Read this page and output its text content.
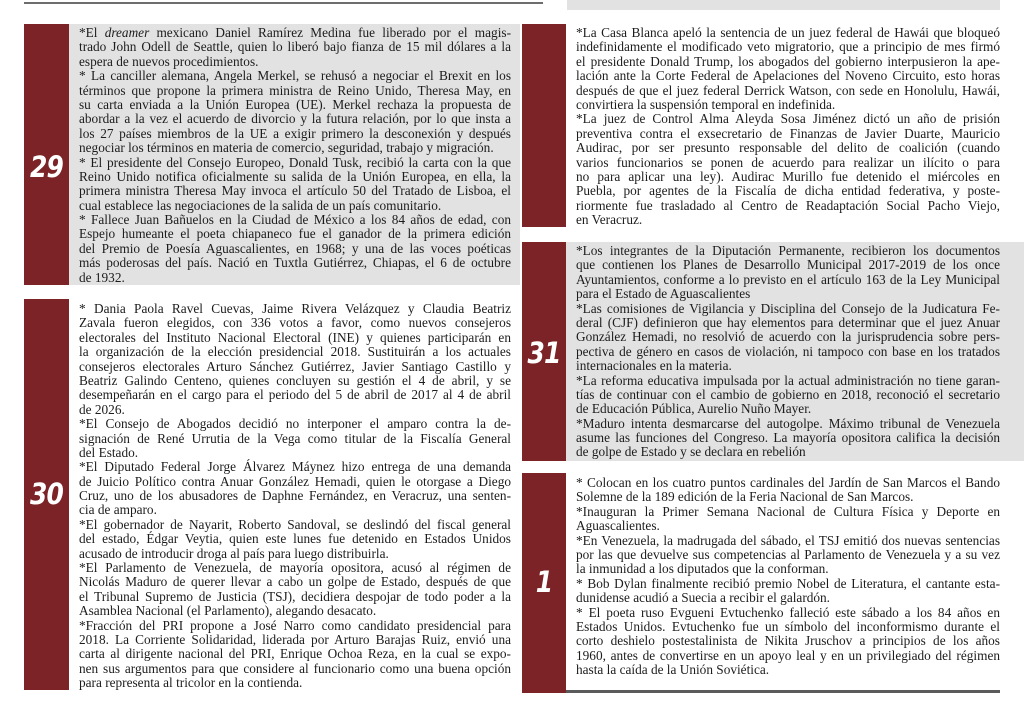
29
*El dreamer mexicano Daniel Ramírez Medina fue liberado por el magis-
trado John Odell de Seattle, quien lo liberó bajo fianza de 15 mil dólares a la
espera de nuevos procedimientos.
* La canciller alemana, Angela Merkel, se rehusó a negociar el Brexit en los
términos que propone la primera ministra de Reino Unido, Theresa May, en
su carta enviada a la Unión Europea (UE). Merkel rechaza la propuesta de
abordar a la vez el acuerdo de divorcio y la futura relación, por lo que insta a
los 27 países miembros de la UE a exigir primero la desconexión y después
negociar los términos en materia de comercio, seguridad, trabajo y migración.
* El presidente del Consejo Europeo, Donald Tusk, recibió la carta con la que
Reino Unido notifica oficialmente su salida de la Unión Europea, en ella, la
primera ministra Theresa May invoca el artículo 50 del Tratado de Lisboa, el
cual establece las negociaciones de la salida de un país comunitario.
* Fallece Juan Bañuelos en la Ciudad de México a los 84 años de edad, con
Espejo humeante el poeta chiapaneco fue el ganador de la primera edición
del Premio de Poesía Aguascalientes, en 1968; y una de las voces poéticas
más poderosas del país. Nació en Tuxtla Gutiérrez, Chiapas, el 6 de octubre
de 1932.
30
* Dania Paola Ravel Cuevas, Jaime Rivera Velázquez y Claudia Beatriz
Zavala fueron elegidos, con 336 votos a favor, como nuevos consejeros
electorales del Instituto Nacional Electoral (INE) y quienes participarán en
la organización de la elección presidencial 2018. Sustituirán a los actuales
consejeros electorales Arturo Sánchez Gutiérrez, Javier Santiago Castillo y
Beatriz Galindo Centeno, quienes concluyen su gestión el 4 de abril, y se
desempeñarán en el cargo para el periodo del 5 de abril de 2017 al 4 de abril
de 2026.
*El Consejo de Abogados decidió no interponer el amparo contra la de-
signación de René Urrutia de la Vega como titular de la Fiscalía General
del Estado.
*El Diputado Federal Jorge Álvarez Máynez hizo entrega de una demanda
de Juicio Político contra Anuar González Hemadi, quien le otorgase a Diego
Cruz, uno de los abusadores de Daphne Fernández, en Veracruz, una senten-
cia de amparo.
*El gobernador de Nayarit, Roberto Sandoval, se deslindó del fiscal general
del estado, Édgar Veytia, quien este lunes fue detenido en Estados Unidos
acusado de introducir droga al país para luego distribuirla.
*El Parlamento de Venezuela, de mayoría opositora, acusó al régimen de
Nicolás Maduro de querer llevar a cabo un golpe de Estado, después de que
el Tribunal Supremo de Justicia (TSJ), decidiera despojar de todo poder a la
Asamblea Nacional (el Parlamento), alegando desacato.
*Fracción del PRI propone a José Narro como candidato presidencial para
2018. La Corriente Solidaridad, liderada por Arturo Barajas Ruiz, envió una
carta al dirigente nacional del PRI, Enrique Ochoa Reza, en la cual se expo-
nen sus argumentos para que considere al funcionario como una buena opción
para representa al tricolor en la contienda.
*La Casa Blanca apeló la sentencia de un juez federal de Hawái que bloqueó
indefinidamente el modificado veto migratorio, que a principio de mes firmó
el presidente Donald Trump, los abogados del gobierno interpusieron la ape-
lación ante la Corte Federal de Apelaciones del Noveno Circuito, esto horas
después de que el juez federal Derrick Watson, con sede en Honolulu, Hawái,
convirtiera la suspensión temporal en indefinida.
*La juez de Control Alma Aleyda Sosa Jiménez dictó un año de prisión
preventiva contra el exsecretario de Finanzas de Javier Duarte, Mauricio
Audirac, por ser presunto responsable del delito de coalición (cuando
varios funcionarios se ponen de acuerdo para realizar un ilícito o para
no para aplicar una ley). Audirac Murillo fue detenido el miércoles en
Puebla, por agentes de la Fiscalía de dicha entidad federativa, y poste-
riormente fue trasladado al Centro de Readaptación Social Pacho Viejo,
en Veracruz.
31
*Los integrantes de la Diputación Permanente, recibieron los documentos
que contienen los Planes de Desarrollo Municipal 2017-2019 de los once
Ayuntamientos, conforme a lo previsto en el artículo 163 de la Ley Municipal
para el Estado de Aguascalientes
*Las comisiones de Vigilancia y Disciplina del Consejo de la Judicatura Fe-
deral (CJF) definieron que hay elementos para determinar que el juez Anuar
González Hemadi, no resolvió de acuerdo con la jurisprudencia sobre pers-
pectiva de género en casos de violación, ni tampoco con base en los tratados
internacionales en la materia.
*La reforma educativa impulsada por la actual administración no tiene garan-
tías de continuar con el cambio de gobierno en 2018, reconoció el secretario
de Educación Pública, Aurelio Nuño Mayer.
*Maduro intenta desmarcarse del autogolpe. Máximo tribunal de Venezuela
asume las funciones del Congreso. La mayoría opositora califica la decisión
de golpe de Estado y se declara en rebelión
1
* Colocan en los cuatro puntos cardinales del Jardín de San Marcos el Bando
Solemne de la 189 edición de la Feria Nacional de San Marcos.
*Inauguran la Primer Semana Nacional de Cultura Física y Deporte en
Aguascalientes.
*En Venezuela, la madrugada del sábado, el TSJ emitió dos nuevas sentencias
por las que devuelve sus competencias al Parlamento de Venezuela y a su vez
la inmunidad a los diputados que la conforman.
* Bob Dylan finalmente recibió premio Nobel de Literatura, el cantante esta-
dunidense acudió a Suecia a recibir el galardón.
* El poeta ruso Evgueni Evtuchenko falleció este sábado a los 84 años en
Estados Unidos. Evtuchenko fue un símbolo del inconformismo durante el
corto deshielo postestalinista de Nikita Jruschov a principios de los años
1960, antes de convertirse en un apoyo leal y en un privilegiado del régimen
hasta la caída de la Unión Soviética.
